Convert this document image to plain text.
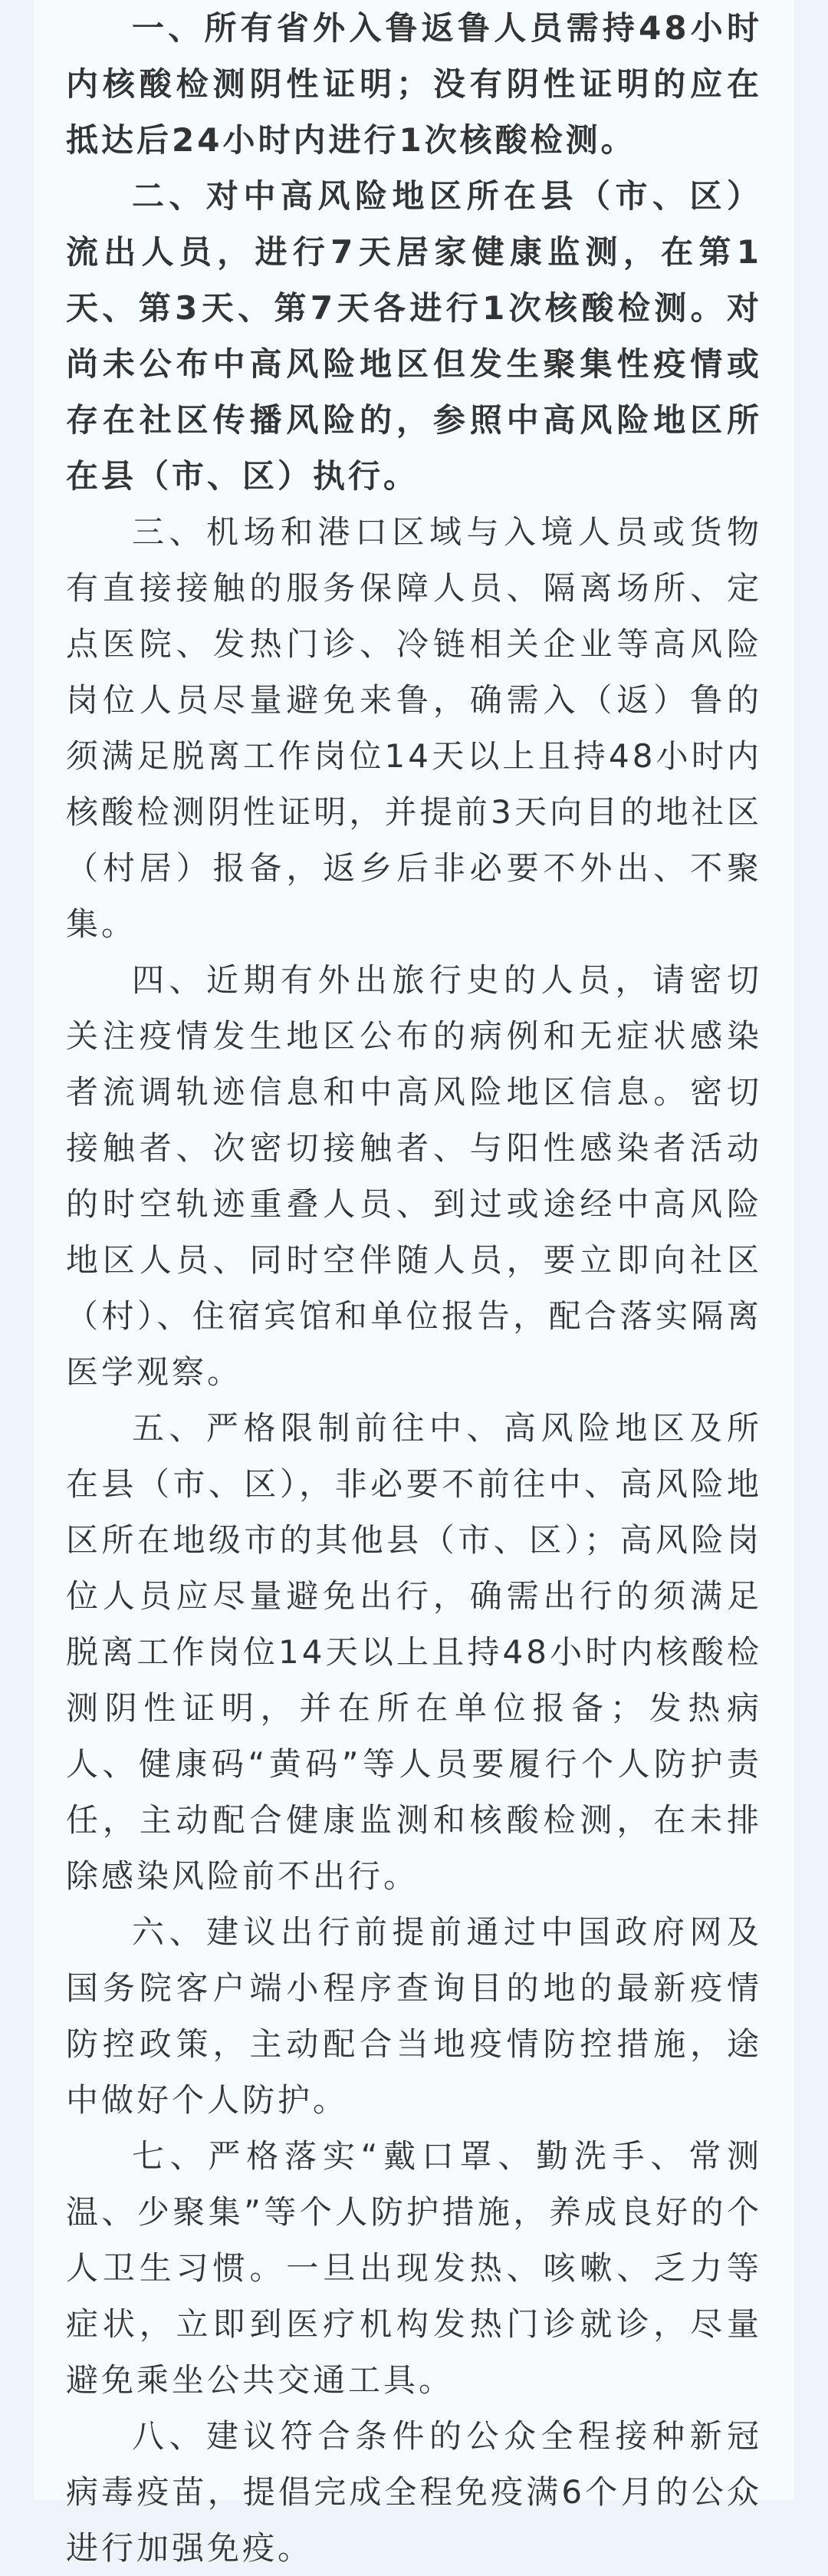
一、所有省外入鲁返鲁人员需持48小时内核酸检测阴性证明；没有阴性证明的应在抵达后24小时内进行1次核酸检测。

二、对中高风险地区所在县（市、区）流出人员，进行7天居家健康监测，在第1天、第3天、第7天各进行1次核酸检测。对尚未公布中高风险地区但发生聚集性疫情或存在社区传播风险的，参照中高风险地区所在县（市、区）执行。

三、机场和港口区域与入境人员或货物有直接接触的服务保障人员、隔离场所、定点医院、发热门诊、冷链相关企业等高风险岗位人员尽量避免来鲁，确需入（返）鲁的须满足脱离工作岗位14天以上且持48小时内核酸检测阴性证明，并提前3天向目的地社区（村居）报备，返乡后非必要不外出、不聚集。

四、近期有外出旅行史的人员，请密切关注疫情发生地区公布的病例和无症状感染者流调轨迹信息和中高风险地区信息。密切接触者、次密切接触者、与阳性感染者活动的时空轨迹重叠人员、到过或途经中高风险地区人员、同时空伴随人员，要立即向社区（村）、住宿宾馆和单位报告，配合落实隔离医学观察。

五、严格限制前往中、高风险地区及所在县（市、区），非必要不前往中、高风险地区所在地级市的其他县（市、区）；高风险岗位人员应尽量避免出行，确需出行的须满足脱离工作岗位14天以上且持48小时内核酸检测阴性证明，并在所在单位报备；发热病人、健康码“黄码”等人员要履行个人防护责任，主动配合健康监测和核酸检测，在未排除感染风险前不出行。

六、建议出行前提前通过中国政府网及国务院客户端小程序查询目的地的最新疫情防控政策，主动配合当地疫情防控措施，途中做好个人防护。

七、严格落实“戴口罩、勤洗手、常测温、少聚集”等个人防护措施，养成良好的个人卫生习惯。一旦出现发热、咳嗽、乏力等症状，立即到医疗机构发热门诊就诊，尽量避免乘坐公共交通工具。

八、建议符合条件的公众全程接种新冠病毒疫苗，提倡完成全程免疫满6个月的公众进行加强免疫。
